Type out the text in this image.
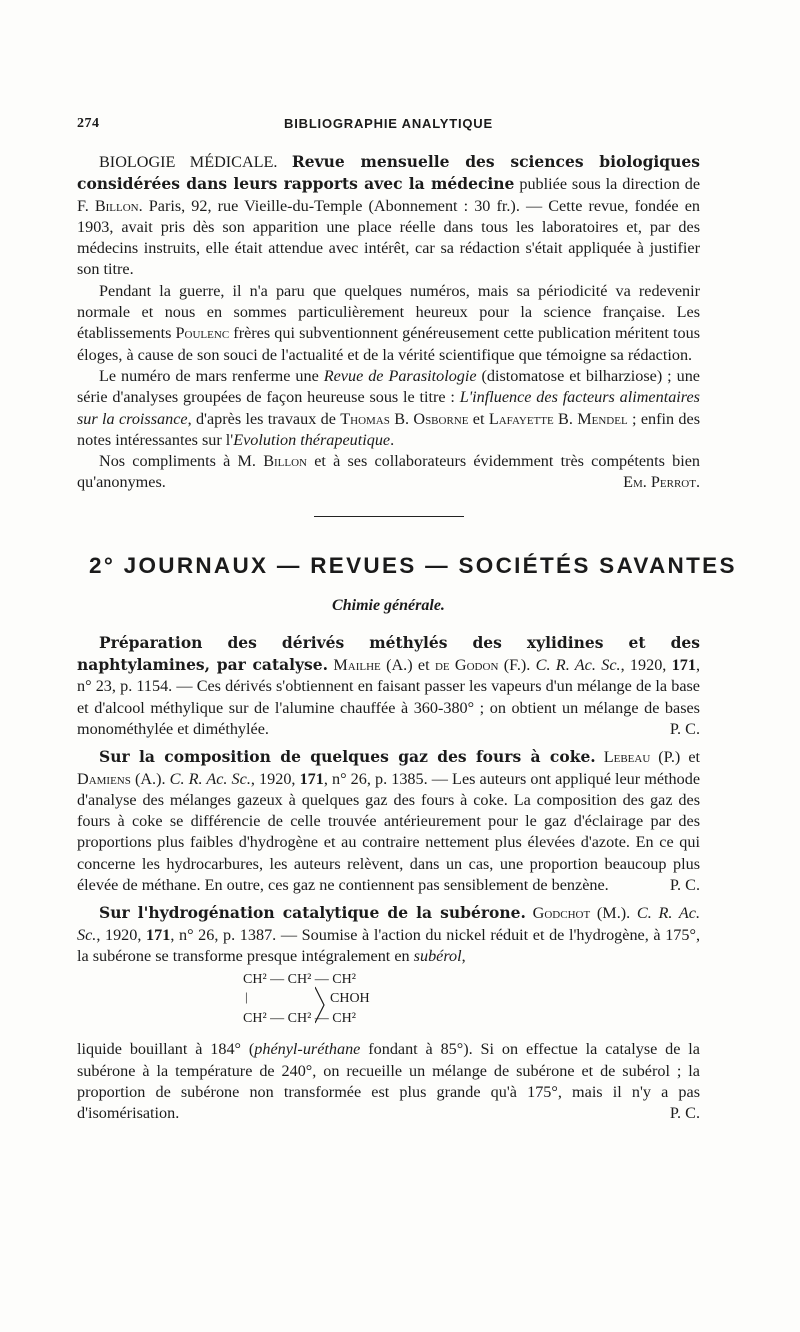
274	BIBLIOGRAPHIE ANALYTIQUE

BIOLOGIE MÉDICALE. Revue mensuelle des sciences biologiques considérées dans leurs rapports avec la médecine publiée sous la direction de F. Billon. Paris, 92, rue Vieille-du-Temple (Abonnement : 30 fr.). — Cette revue, fondée en 1903, avait pris dès son apparition une place réelle dans tous les laboratoires et, par des médecins instruits, elle était attendue avec intérêt, car sa rédaction s'était appliquée à justifier son titre.

Pendant la guerre, il n'a paru que quelques numéros, mais sa périodicité va redevenir normale et nous en sommes particulièrement heureux pour la science française. Les établissements Poulenc frères qui subventionnent généreusement cette publication méritent tous éloges, à cause de son souci de l'actualité et de la vérité scientifique que témoigne sa rédaction.

Le numéro de mars renferme une Revue de Parasitologie (distomatose et bilharziose) ; une série d'analyses groupées de façon heureuse sous le titre : L'influence des facteurs alimentaires sur la croissance, d'après les travaux de Thomas B. Osborne et Lafayette B. Mendel ; enfin des notes intéressantes sur l'Evolution thérapeutique.

Nos compliments à M. Billon et à ses collaborateurs évidemment très compétents bien qu'anonymes.	Em. Perrot.

2° JOURNAUX — REVUES — SOCIÉTÉS SAVANTES
Chimie générale.

Préparation des dérivés méthylés des xylidines et des naphtylamines, par catalyse. Mailhe (A.) et de Godon (F.). C. R. Ac. Sc., 1920, 171, n° 23, p. 1154. — Ces dérivés s'obtiennent en faisant passer les vapeurs d'un mélange de la base et d'alcool méthylique sur de l'alumine chauffée à 360-380° ; on obtient un mélange de bases monométhylée et diméthylée.	P. C.

Sur la composition de quelques gaz des fours à coke. Lebeau (P.) et Damiens (A.). C. R. Ac. Sc., 1920, 171, n° 26, p. 1385. — Les auteurs ont appliqué leur méthode d'analyse des mélanges gazeux à quelques gaz des fours à coke. La composition des gaz des fours à coke se différencie de celle trouvée antérieurement pour le gaz d'éclairage par des proportions plus faibles d'hydrogène et au contraire nettement plus élevées d'azote. En ce qui concerne les hydrocarbures, les auteurs relèvent, dans un cas, une proportion beaucoup plus élevée de méthane. En outre, ces gaz ne contiennent pas sensiblement de benzène.	P. C.

Sur l'hydrogénation catalytique de la subérone. Godchot (M.). C. R. Ac. Sc., 1920, 171, n° 26, p. 1387. — Soumise à l'action du nickel réduit et de l'hydrogène, à 175°, la subérone se transforme presque intégralement en subérol,

CH² — CH² — CH²
|
CH² — CH² — CH²
CHOH

liquide bouillant à 184° (phényl-uréthane fondant à 85°). Si on effectue la catalyse de la subérone à la température de 240°, on recueille un mélange de subérone et de subérol ; la proportion de subérone non transformée est plus grande qu'à 175°, mais il n'y a pas d'isomérisation.	P. C.
